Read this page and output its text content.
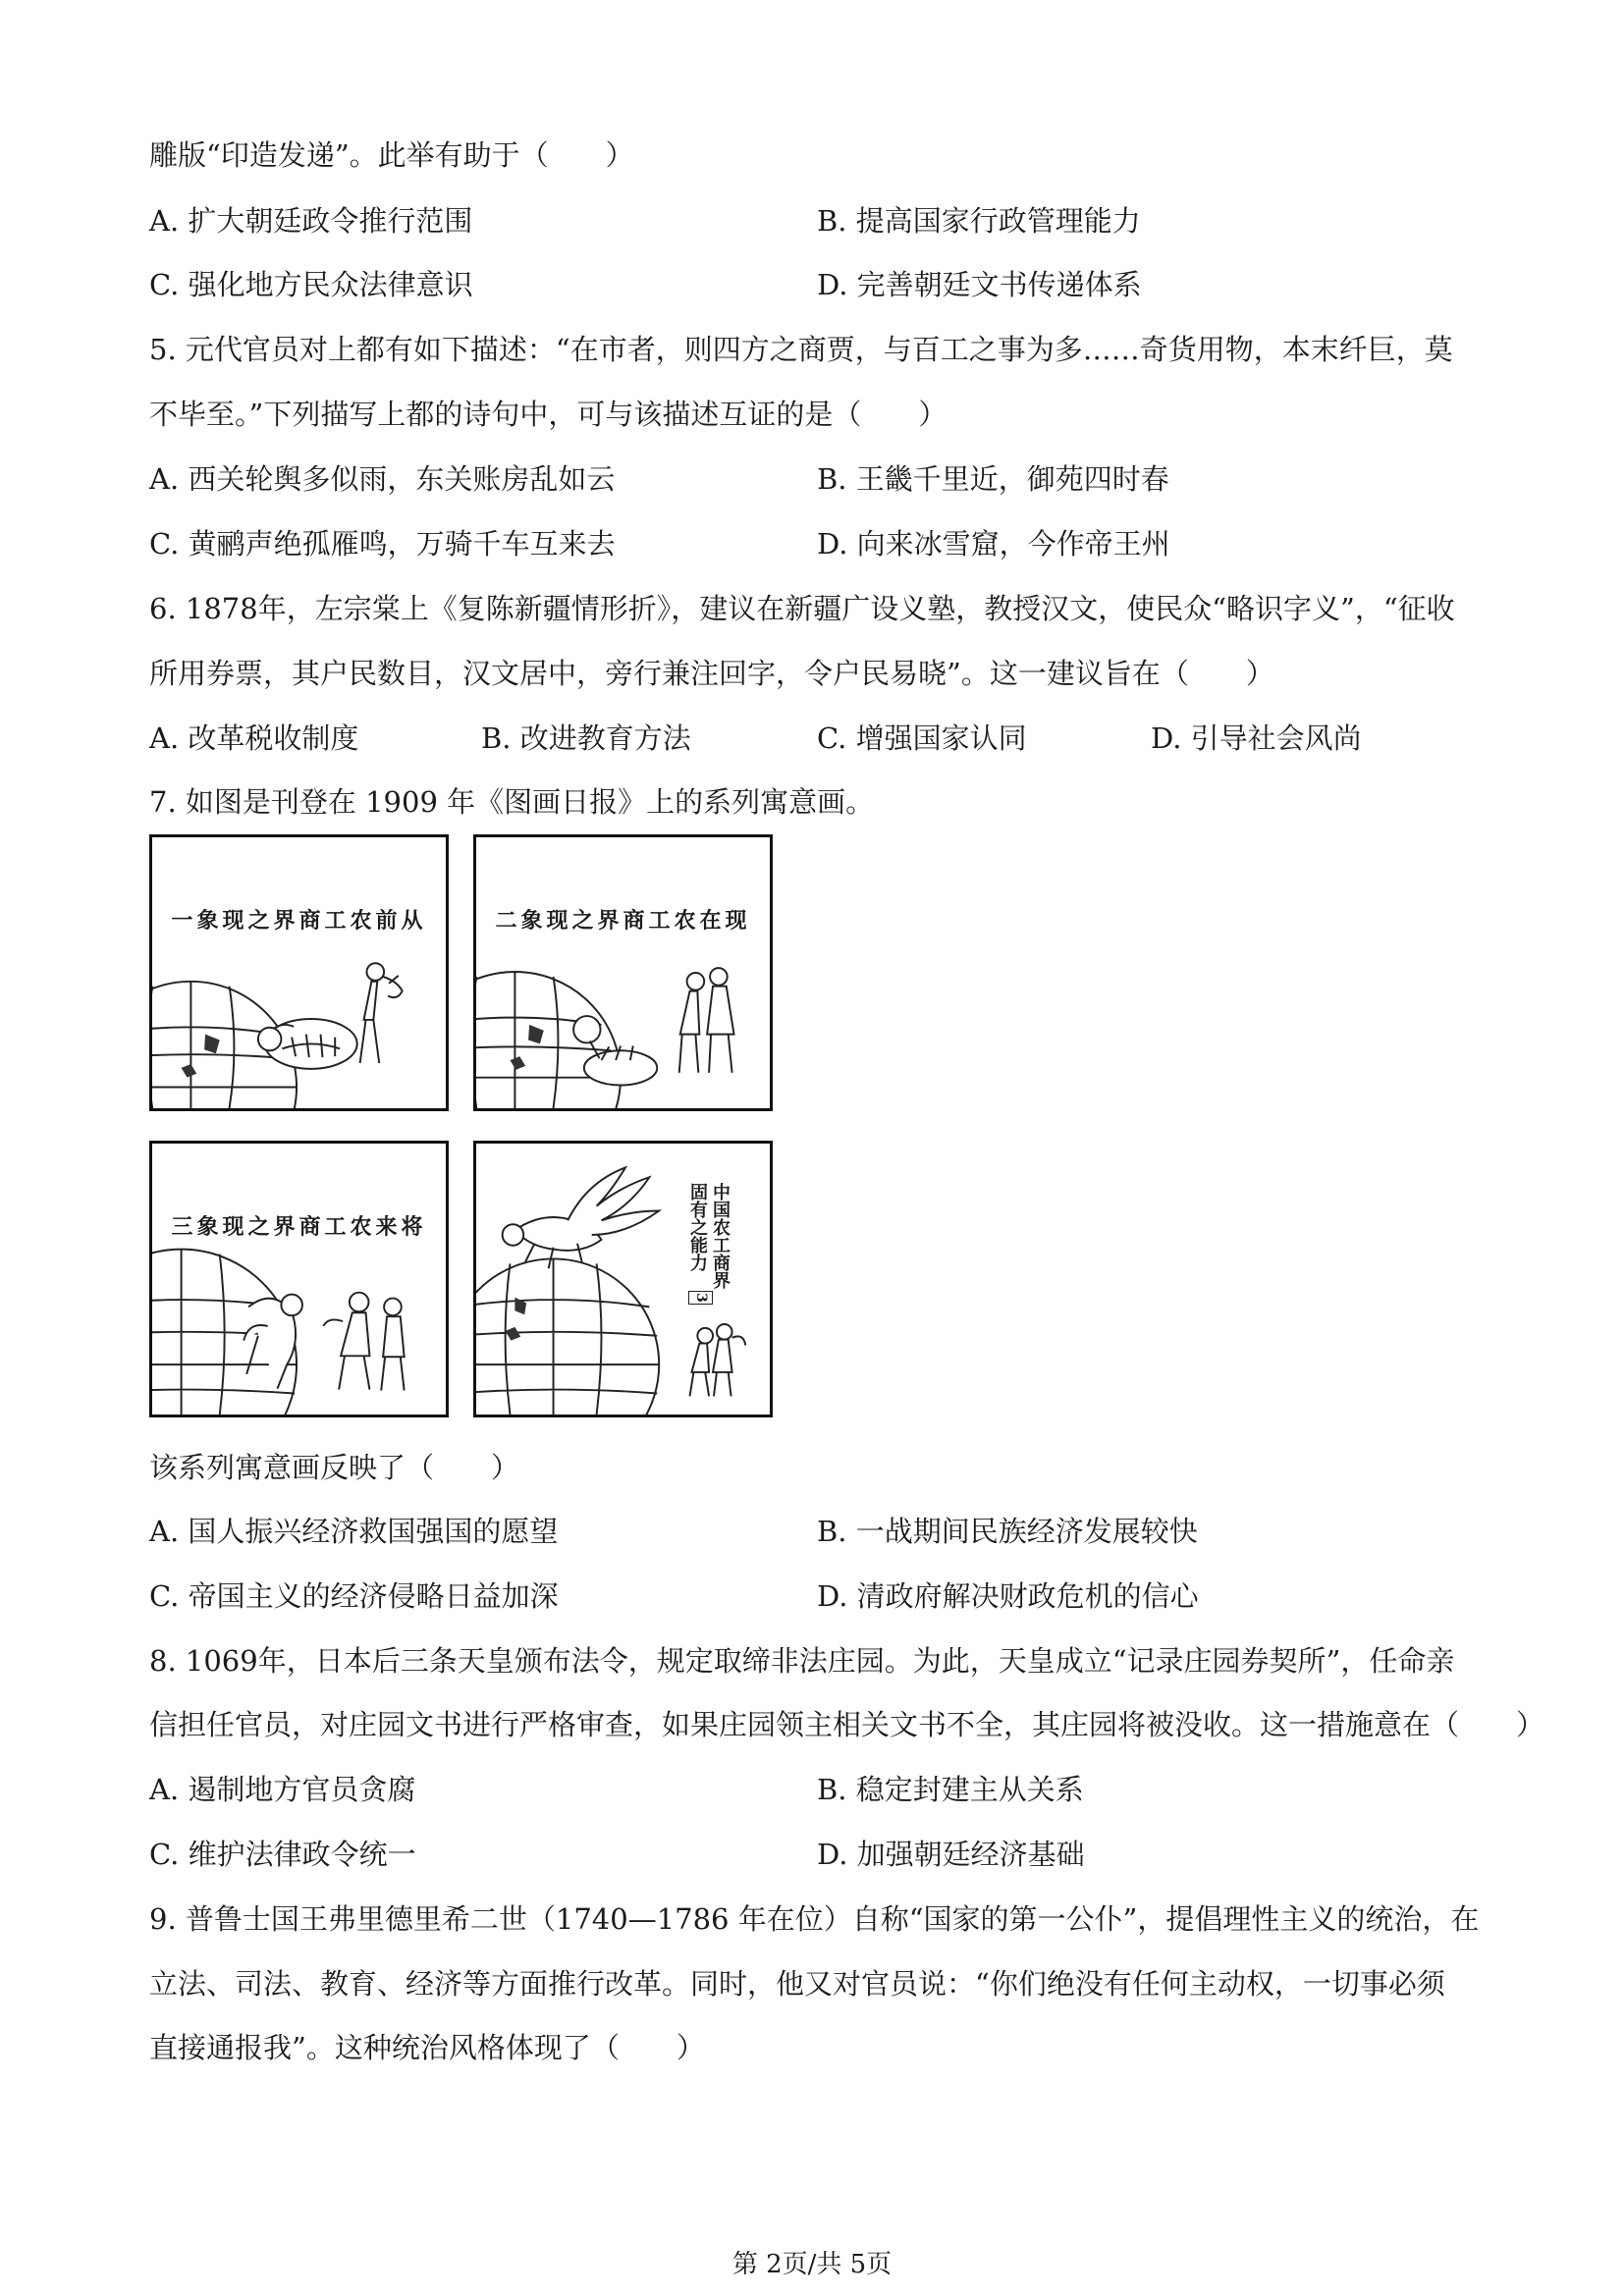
雕版“印造发递”。此举有助于（　　）
A. 扩大朝廷政令推行范围	B. 提高国家行政管理能力
C. 强化地方民众法律意识	D. 完善朝廷文书传递体系
5. 元代官员对上都有如下描述：“在市者，则四方之商贾，与百工之事为多……奇货用物，本末纤巨，莫
不毕至。”下列描写上都的诗句中，可与该描述互证的是（　　）
A. 西关轮舆多似雨，东关账房乱如云	B. 王畿千里近，御苑四时春
C. 黄鹂声绝孤雁鸣，万骑千车互来去	D. 向来冰雪窟，今作帝王州
6. 1878年，左宗棠上《复陈新疆情形折》，建议在新疆广设义塾，教授汉文，使民众“略识字义”，“征收
所用券票，其户民数目，汉文居中，旁行兼注回字，令户民易晓”。这一建议旨在（　　）
A. 改革税收制度	B. 改进教育方法	C. 增强国家认同	D. 引导社会风尚
7. 如图是刊登在 1909 年《图画日报》上的系列寓意画。
一象现之界商工农前从	二象现之界商工农在现
三象现之界商工农来将	中国农工商界
固有之能力
3
该系列寓意画反映了（　　）
A. 国人振兴经济救国强国的愿望	B. 一战期间民族经济发展较快
C. 帝国主义的经济侵略日益加深	D. 清政府解决财政危机的信心
8. 1069年，日本后三条天皇颁布法令，规定取缔非法庄园。为此，天皇成立“记录庄园券契所”，任命亲
信担任官员，对庄园文书进行严格审查，如果庄园领主相关文书不全，其庄园将被没收。这一措施意在（　　）
A. 遏制地方官员贪腐	B. 稳定封建主从关系
C. 维护法律政令统一	D. 加强朝廷经济基础
9. 普鲁士国王弗里德里希二世（1740—1786 年在位）自称“国家的第一公仆”，提倡理性主义的统治，在
立法、司法、教育、经济等方面推行改革。同时，他又对官员说：“你们绝没有任何主动权，一切事必须
直接通报我”。这种统治风格体现了（　　）
第 2页/共 5页
